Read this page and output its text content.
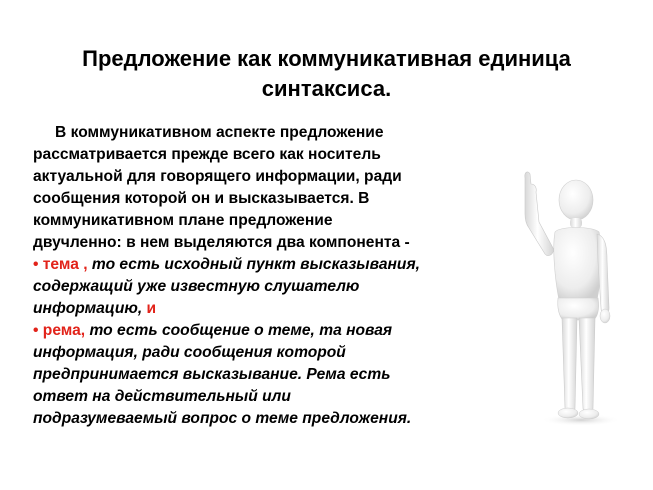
Предложение как коммуникативная единица
синтаксиса.
В коммуникативном аспекте предложение
рассматривается прежде всего как носитель
актуальной для говорящего информации, ради
сообщения которой он и высказывается. В
коммуникативном плане предложение
двучленно: в нем выделяются два компонента -
• тема , то есть исходный пункт высказывания,
содержащий уже известную слушателю
информацию, и
• рема, то есть сообщение о теме, та новая
информация, ради сообщения которой
предпринимается высказывание. Рема есть
ответ на действительный или
подразумеваемый вопрос о теме предложения.
